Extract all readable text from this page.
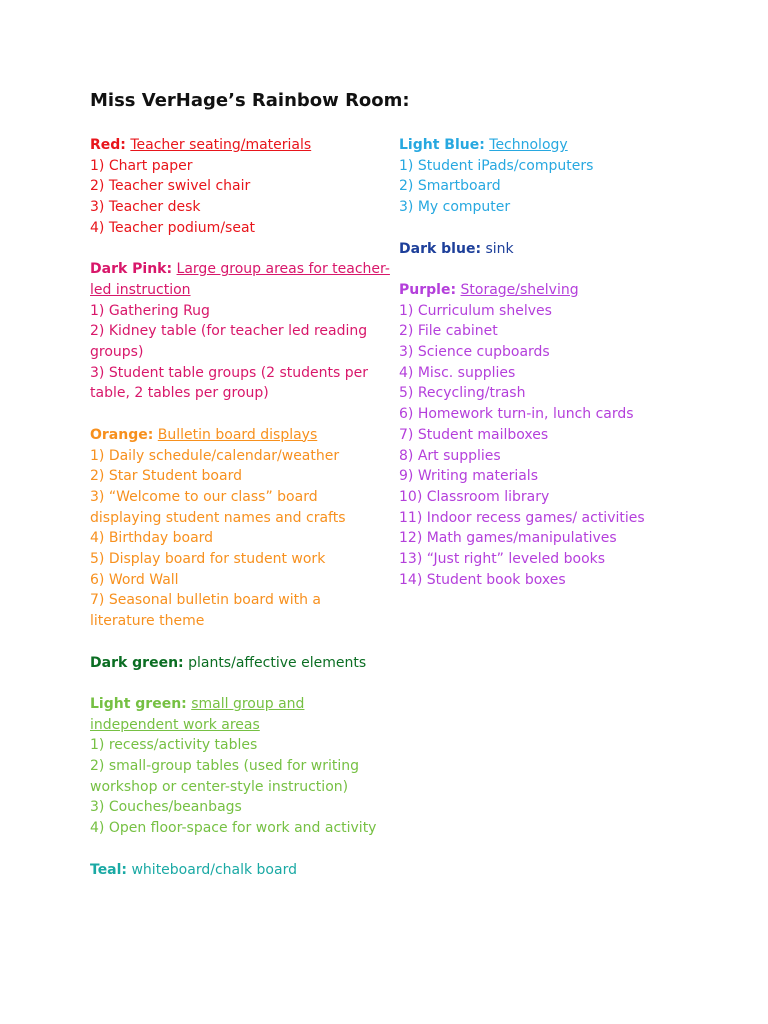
Miss VerHage’s Rainbow Room:
Red: Teacher seating/materials
1) Chart paper
2) Teacher swivel chair
3) Teacher desk
4) Teacher podium/seat
Dark Pink: Large group areas for teacher-led instruction
1) Gathering Rug
2) Kidney table (for teacher led reading groups)
3) Student table groups (2 students per table, 2 tables per group)
Orange: Bulletin board displays
1) Daily schedule/calendar/weather
2) Star Student board
3) “Welcome to our class” board displaying student names and crafts
4) Birthday board
5) Display board for student work
6) Word Wall
7) Seasonal bulletin board with a literature theme
Dark green: plants/affective elements
Light green: small group and independent work areas
1) recess/activity tables
2) small-group tables (used for writing workshop or center-style instruction)
3) Couches/beanbags
4) Open floor-space for work and activity
Teal: whiteboard/chalk board
Light Blue: Technology
1) Student iPads/computers
2) Smartboard
3) My computer
Dark blue: sink
Purple: Storage/shelving
1) Curriculum shelves
2) File cabinet
3) Science cupboards
4) Misc. supplies
5) Recycling/trash
6) Homework turn-in, lunch cards
7) Student mailboxes
8) Art supplies
9) Writing materials
10) Classroom library
11) Indoor recess games/ activities
12) Math games/manipulatives
13) “Just right” leveled books
14) Student book boxes
